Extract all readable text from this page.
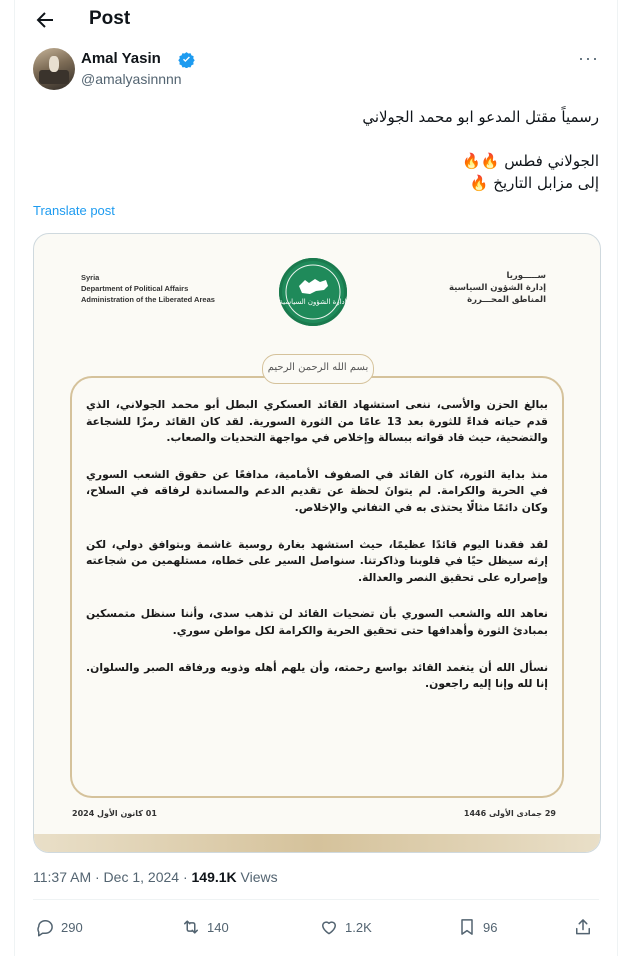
Post
Amal Yasin
@amalyasinnnn
···
رسمياً مقتل المدعو ابو محمد الجولاني
الجولاني فطس 🔥🔥
إلى مزابل التاريخ 🔥
Translate post
Syria
Department of Political Affairs
Administration of the Liberated Areas	إدارة الشؤون السياسية
ســـــوريا
إدارة الشؤون السياسية
المناطق المحـــررة
بسم الله الرحمن الرحيم

ببالغ الحزن والأسى، ننعى استشهاد القائد العسكري البطل أبو محمد الجولاني، الذي قدم حياته فداءً للثورة بعد 13 عامًا من الثورة السورية. لقد كان القائد رمزًا للشجاعة والتضحية، حيث قاد قواته ببسالة وإخلاص في مواجهة التحديات والصعاب.

منذ بداية الثورة، كان القائد في الصفوف الأمامية، مدافعًا عن حقوق الشعب السوري في الحرية والكرامة. لم يتوانَ لحظة عن تقديم الدعم والمساندة لرفاقه في السلاح، وكان دائمًا مثالًا يحتذى به في التفاني والإخلاص.

لقد فقدنا اليوم قائدًا عظيمًا، حيث استشهد بغارة روسية غاشمة وبتوافق دولي، لكن إرثه سيظل حيًا في قلوبنا وذاكرتنا. سنواصل السير على خطاه، مستلهمين من شجاعته وإصراره على تحقيق النصر والعدالة.

نعاهد الله والشعب السوري بأن تضحيات القائد لن تذهب سدى، وأننا سنظل متمسكين بمبادئ الثورة وأهدافها حتى تحقيق الحرية والكرامة لكل مواطن سوري.

نسأل الله أن يتغمد القائد بواسع رحمته، وأن يلهم أهله وذويه ورفاقه الصبر والسلوان. إنا لله وإنا إليه راجعون.

01 كانون الأول 2024	29 جمادى الأولى 1446
11:37 AM · Dec 1, 2024 · 149.1K Views
290	140	1.2K	96
